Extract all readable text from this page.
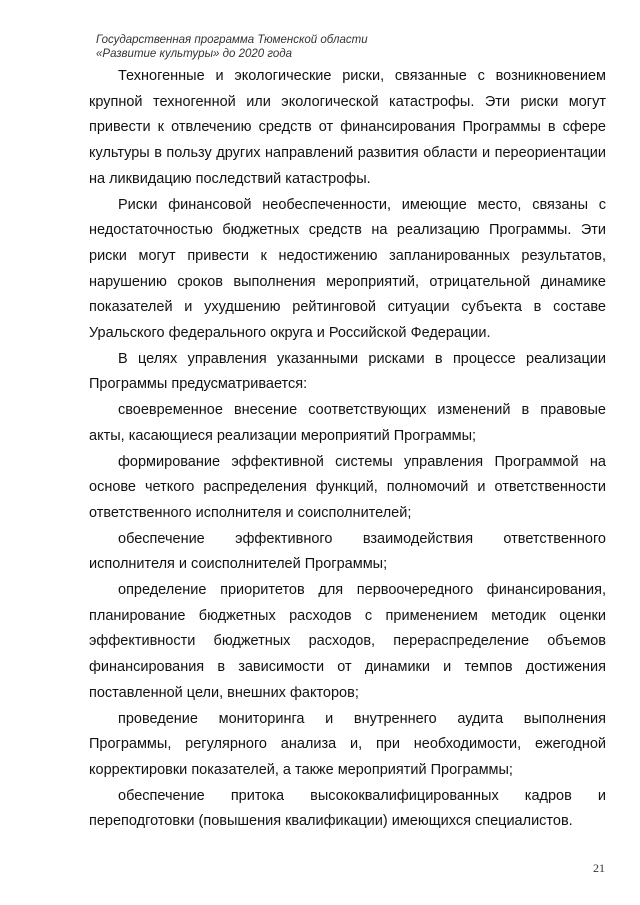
Государственная программа Тюменской области
«Развитие культуры» до 2020 года

Техногенные и экологические риски, связанные с возникновением крупной техногенной или экологической катастрофы. Эти риски могут привести к отвлечению средств от финансирования Программы в сфере культуры в пользу других направлений развития области и переориентации на ликвидацию последствий катастрофы.

Риски финансовой необеспеченности, имеющие место, связаны с недостаточностью бюджетных средств на реализацию Программы. Эти риски могут привести к недостижению запланированных результатов, нарушению сроков выполнения мероприятий, отрицательной динамике показателей и ухудшению рейтинговой ситуации субъекта в составе Уральского федерального округа и Российской Федерации.

В целях управления указанными рисками в процессе реализации Программы предусматривается:

своевременное внесение соответствующих изменений в правовые акты, касающиеся реализации мероприятий Программы;

формирование эффективной системы управления Программой на основе четкого распределения функций, полномочий и ответственности ответственного исполнителя и соисполнителей;

обеспечение эффективного взаимодействия ответственного исполнителя и соисполнителей Программы;

определение приоритетов для первоочередного финансирования, планирование бюджетных расходов с применением методик оценки эффективности бюджетных расходов, перераспределение объемов финансирования в зависимости от динамики и темпов достижения поставленной цели, внешних факторов;

проведение мониторинга и внутреннего аудита выполнения Программы, регулярного анализа и, при необходимости, ежегодной корректировки показателей, а также мероприятий Программы;

обеспечение притока высококвалифицированных кадров и переподготовки (повышения квалификации) имеющихся специалистов.

21
